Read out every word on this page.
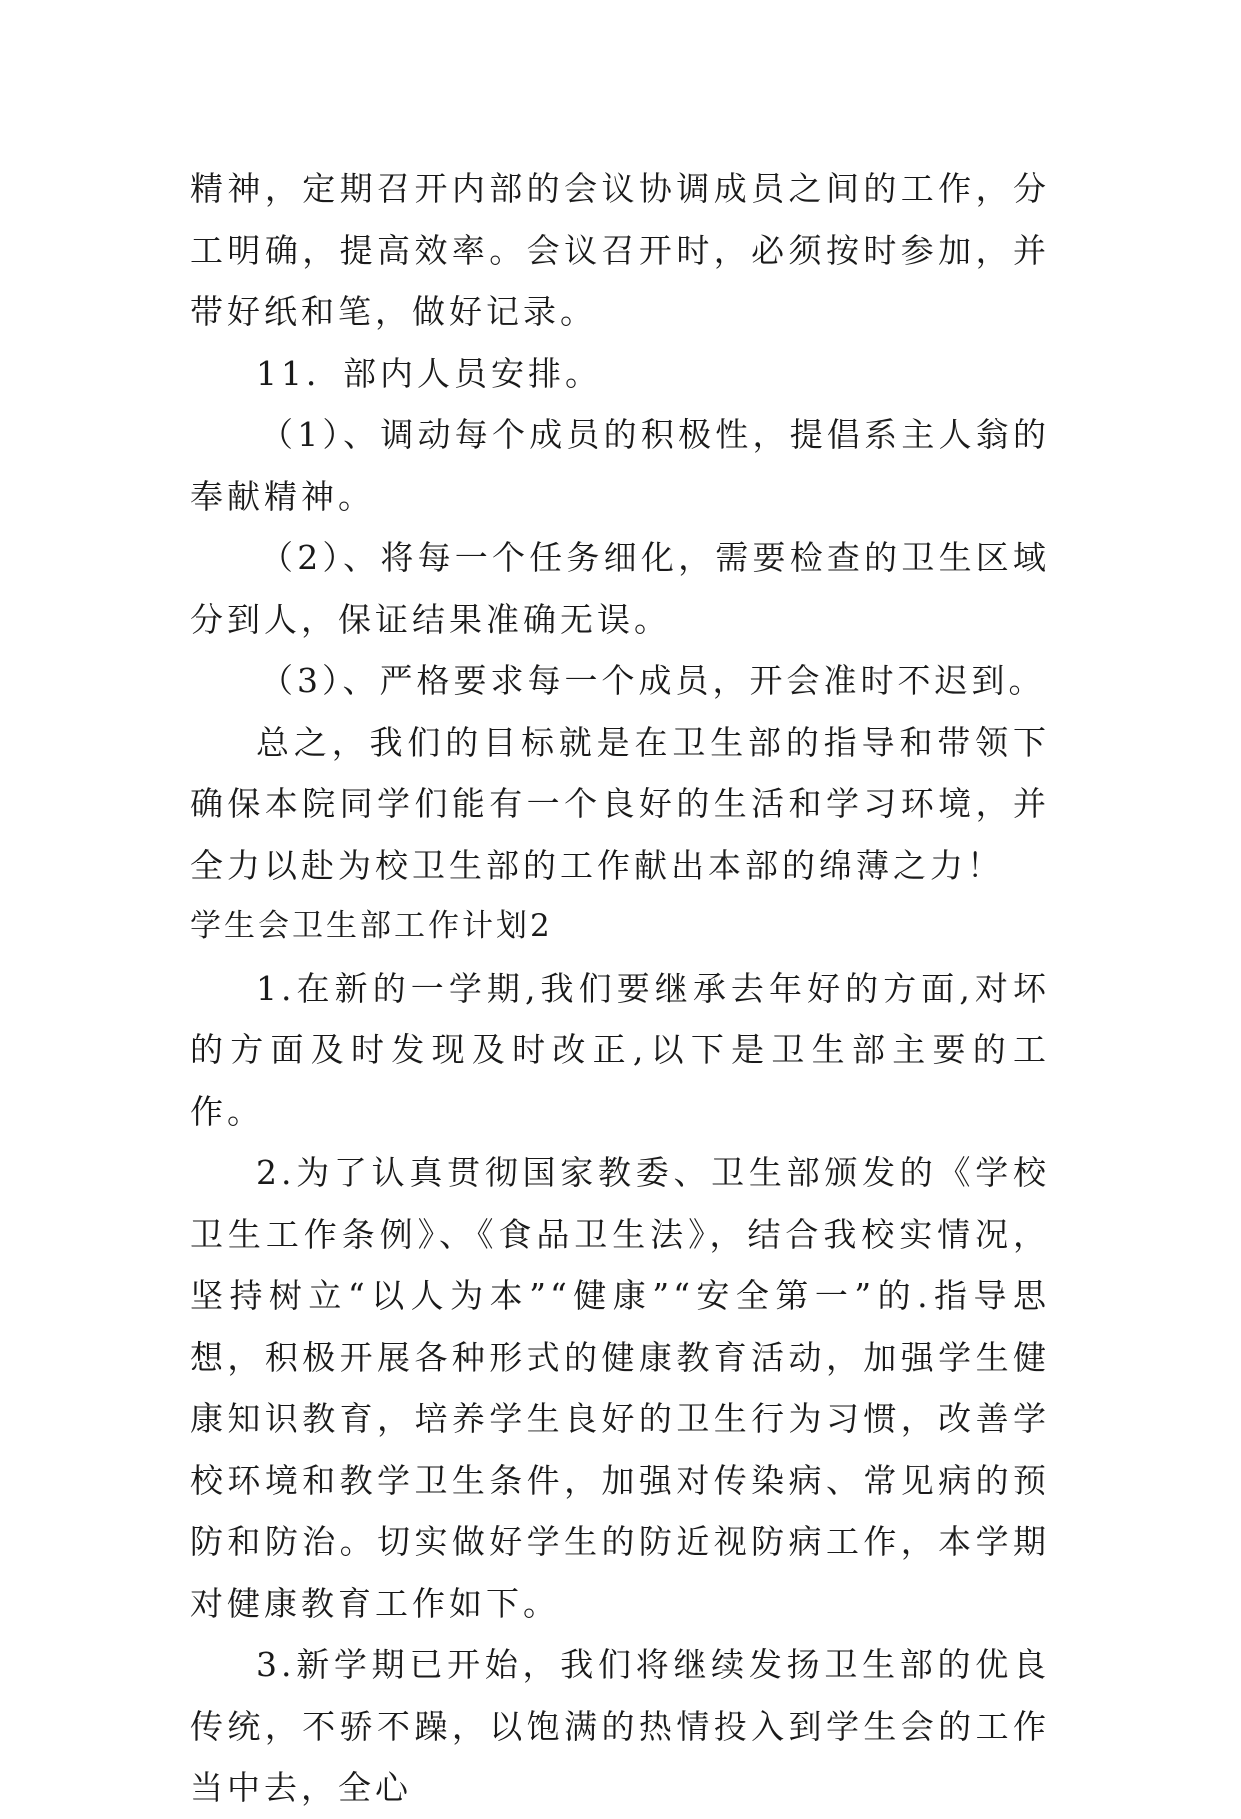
精神，定期召开内部的会议协调成员之间的工作，分工明确，提高效率。会议召开时，必须按时参加，并带好纸和笔，做好记录。

11．部内人员安排。

（1）、调动每个成员的积极性，提倡系主人翁的奉献精神。

（2）、将每一个任务细化，需要检查的卫生区域分到人，保证结果准确无误。

（3）、严格要求每一个成员，开会准时不迟到。

总之，我们的目标就是在卫生部的指导和带领下确保本院同学们能有一个良好的生活和学习环境，并全力以赴为校卫生部的工作献出本部的绵薄之力！

学生会卫生部工作计划2

1.在新的一学期,我们要继承去年好的方面,对坏的方面及时发现及时改正,以下是卫生部主要的工作。

2.为了认真贯彻国家教委、卫生部颁发的《学校卫生工作条例》、《食品卫生法》，结合我校实情况，坚持树立“以人为本”“健康”“安全第一”的.指导思想，积极开展各种形式的健康教育活动，加强学生健康知识教育，培养学生良好的卫生行为习惯，改善学校环境和教学卫生条件，加强对传染病、常见病的预防和防治。切实做好学生的防近视防病工作，本学期对健康教育工作如下。

3.新学期已开始，我们将继续发扬卫生部的优良传统，不骄不躁，以饱满的热情投入到学生会的工作当中去，全心
